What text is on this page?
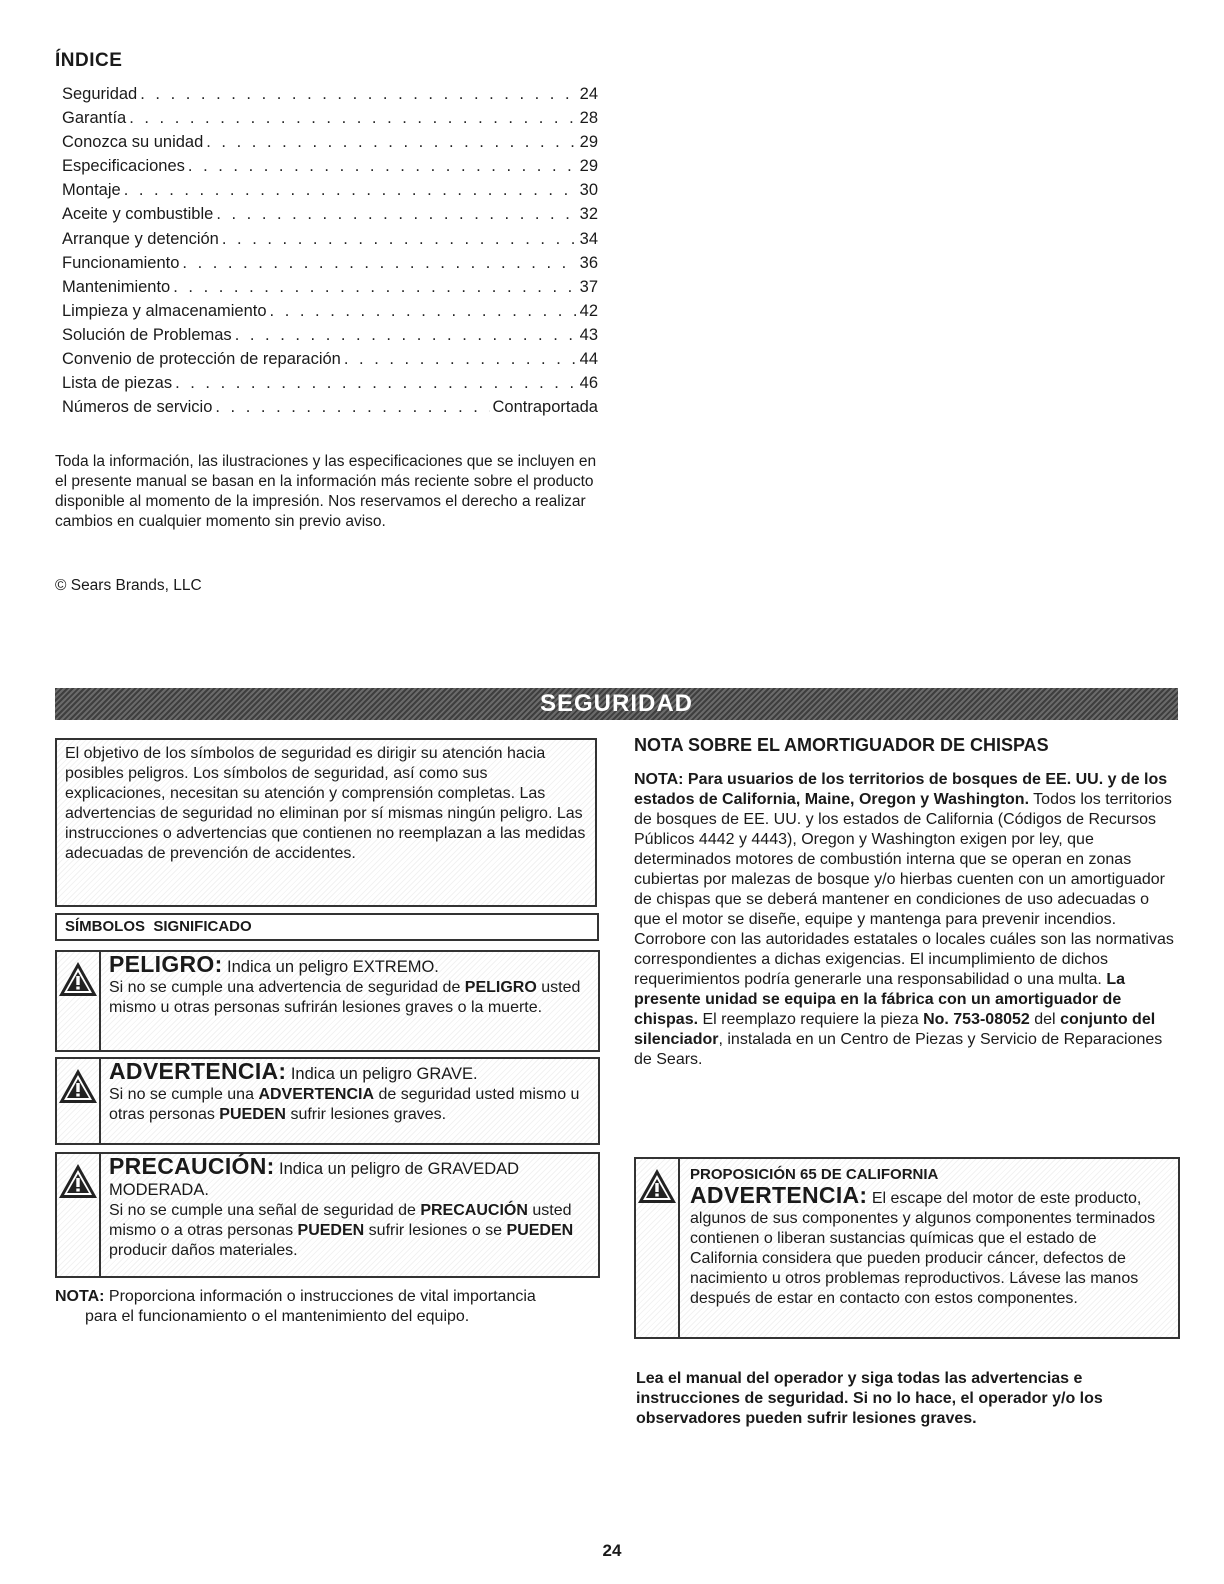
ÍNDICE
Seguridad . . .	24
Garantía . . .	28
Conozca su unidad . . .	29
Especificaciones . . .	29
Montaje . . .	30
Aceite y combustible . . .	32
Arranque y detención . . .	34
Funcionamiento . . .	36
Mantenimiento . . .	37
Limpieza y almacenamiento . . .	42
Solución de Problemas . . .	43
Convenio de protección de reparación . . .	44
Lista de piezas . . .	46
Números de servicio . . .	Contraportada
Toda la información, las ilustraciones y las especificaciones que se incluyen en el presente manual se basan en la información más reciente sobre el producto disponible al momento de la impresión. Nos reservamos el derecho a realizar cambios en cualquier momento sin previo aviso.
© Sears Brands, LLC
SEGURIDAD
El objetivo de los símbolos de seguridad es dirigir su atención hacia posibles peligros. Los símbolos de seguridad, así como sus explicaciones, necesitan su atención y comprensión completas. Las advertencias de seguridad no eliminan por sí mismas ningún peligro. Las instrucciones o advertencias que contienen no reemplazan a las medidas adecuadas de prevención de accidentes.
SÍMBOLOS  SIGNIFICADO
PELIGRO: Indica un peligro EXTREMO.
Si no se cumple una advertencia de seguridad de PELIGRO usted mismo u otras personas sufrirán lesiones graves o la muerte.
ADVERTENCIA: Indica un peligro GRAVE.
Si no se cumple una ADVERTENCIA de seguridad usted mismo u otras personas PUEDEN sufrir lesiones graves.
PRECAUCIÓN: Indica un peligro de GRAVEDAD MODERADA.
Si no se cumple una señal de seguridad de PRECAUCIÓN usted mismo o a otras personas PUEDEN sufrir lesiones o se PUEDEN producir daños materiales.
NOTA: Proporciona información o instrucciones de vital importancia
para el funcionamiento o el mantenimiento del equipo.
NOTA SOBRE EL AMORTIGUADOR DE CHISPAS
NOTA: Para usuarios de los territorios de bosques de EE. UU. y de los estados de California, Maine, Oregon y Washington. Todos los territorios de bosques de EE. UU. y los estados de California (Códigos de Recursos Públicos 4442 y 4443), Oregon y Washington exigen por ley, que determinados motores de combustión interna que se operan en zonas cubiertas por malezas de bosque y/o hierbas cuenten con un amortiguador de chispas que se deberá mantener en condiciones de uso adecuadas o que el motor se diseñe, equipe y mantenga para prevenir incendios. Corrobore con las autoridades estatales o locales cuáles son las normativas correspondientes a dichas exigencias. El incumplimiento de dichos requerimientos podría generarle una responsabilidad o una multa. La presente unidad se equipa en la fábrica con un amortiguador de chispas. El reemplazo requiere la pieza No. 753-08052 del conjunto del silenciador, instalada en un Centro de Piezas y Servicio de Reparaciones de Sears.
PROPOSICIÓN 65 DE CALIFORNIA
ADVERTENCIA: El escape del motor de este producto, algunos de sus componentes y algunos componentes terminados contienen o liberan sustancias químicas que el estado de California considera que pueden producir cáncer, defectos de nacimiento u otros problemas reproductivos. Lávese las manos después de estar en contacto con estos componentes.
Lea el manual del operador y siga todas las advertencias e instrucciones de seguridad. Si no lo hace, el operador y/o los observadores pueden sufrir lesiones graves.
24
